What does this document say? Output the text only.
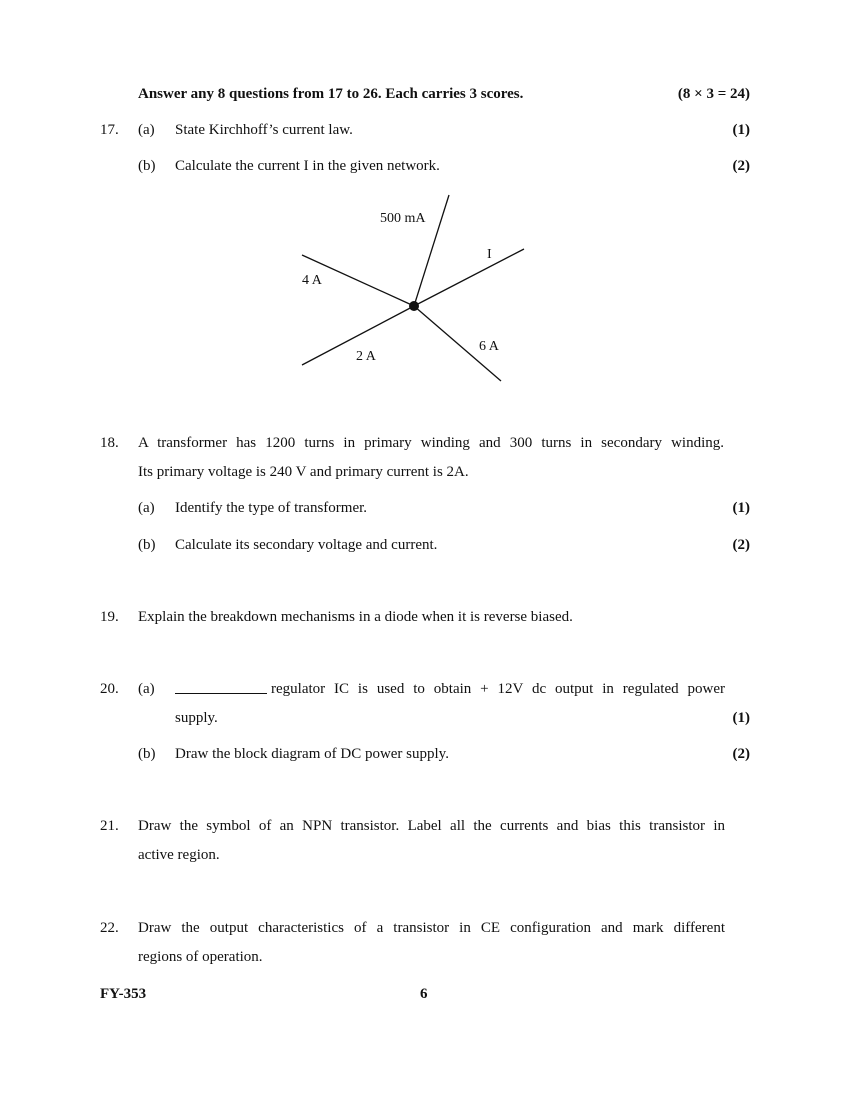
Answer any 8 questions from 17 to 26. Each carries 3 scores.	(8 × 3 = 24)
17. (a) State Kirchhoff’s current law.	(1)
(b) Calculate the current I in the given network.	(2)
500 mA
I
4 A
2 A
6 A
18. A transformer has 1200 turns in primary winding and 300 turns in secondary winding.
Its primary voltage is 240 V and primary current is 2A.
(a) Identify the type of transformer.	(1)
(b) Calculate its secondary voltage and current.	(2)
19. Explain the breakdown mechanisms in a diode when it is reverse biased.
20. (a)	regulator IC is used to obtain + 12V dc output in regulated power
supply.	(1)
(b) Draw the block diagram of DC power supply.	(2)
21. Draw the symbol of an NPN transistor. Label all the currents and bias this transistor in
active region.
22. Draw the output characteristics of a transistor in CE configuration and mark different
regions of operation.
FY-353	6
